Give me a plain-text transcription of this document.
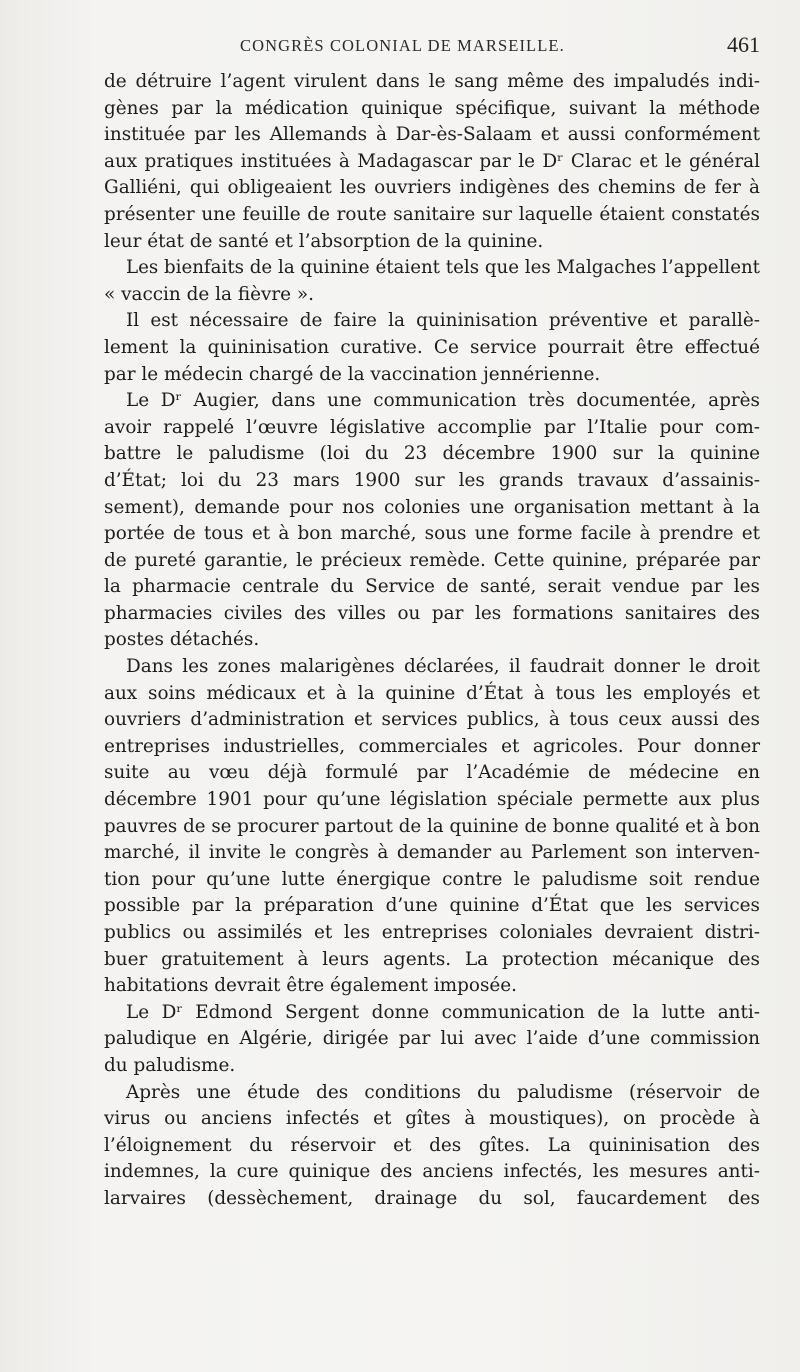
CONGRÈS COLONIAL DE MARSEILLE.	461

de détruire l’agent virulent dans le sang même des impaludés indi-
gènes par la médication quinique spécifique, suivant la méthode
instituée par les Allemands à Dar-ès-Salaam et aussi conformément
aux pratiques instituées à Madagascar par le Dʳ Clarac et le général
Galliéni, qui obligeaient les ouvriers indigènes des chemins de fer à
présenter une feuille de route sanitaire sur laquelle étaient constatés
leur état de santé et l’absorption de la quinine.

Les bienfaits de la quinine étaient tels que les Malgaches l’appellent
« vaccin de la fièvre ».

Il est nécessaire de faire la quininisation préventive et parallè-
lement la quininisation curative. Ce service pourrait être effectué
par le médecin chargé de la vaccination jennérienne.

Le Dʳ Augier, dans une communication très documentée, après
avoir rappelé l’œuvre législative accomplie par l’Italie pour com-
battre le paludisme (loi du 23 décembre 1900 sur la quinine
d’État; loi du 23 mars 1900 sur les grands travaux d’assainis-
sement), demande pour nos colonies une organisation mettant à la
portée de tous et à bon marché, sous une forme facile à prendre et
de pureté garantie, le précieux remède. Cette quinine, préparée par
la pharmacie centrale du Service de santé, serait vendue par les
pharmacies civiles des villes ou par les formations sanitaires des
postes détachés.

Dans les zones malarigènes déclarées, il faudrait donner le droit
aux soins médicaux et à la quinine d’État à tous les employés et
ouvriers d’administration et services publics, à tous ceux aussi des
entreprises industrielles, commerciales et agricoles. Pour donner
suite au vœu déjà formulé par l’Académie de médecine en
décembre 1901 pour qu’une législation spéciale permette aux plus
pauvres de se procurer partout de la quinine de bonne qualité et à bon
marché, il invite le congrès à demander au Parlement son interven-
tion pour qu’une lutte énergique contre le paludisme soit rendue
possible par la préparation d’une quinine d’État que les services
publics ou assimilés et les entreprises coloniales devraient distri-
buer gratuitement à leurs agents. La protection mécanique des
habitations devrait être également imposée.

Le Dʳ Edmond Sergent donne communication de la lutte anti-
paludique en Algérie, dirigée par lui avec l’aide d’une commission
du paludisme.

Après une étude des conditions du paludisme (réservoir de
virus ou anciens infectés et gîtes à moustiques), on procède à
l’éloignement du réservoir et des gîtes. La quininisation des
indemnes, la cure quinique des anciens infectés, les mesures anti-
larvaires (dessèchement, drainage du sol, faucardement des
